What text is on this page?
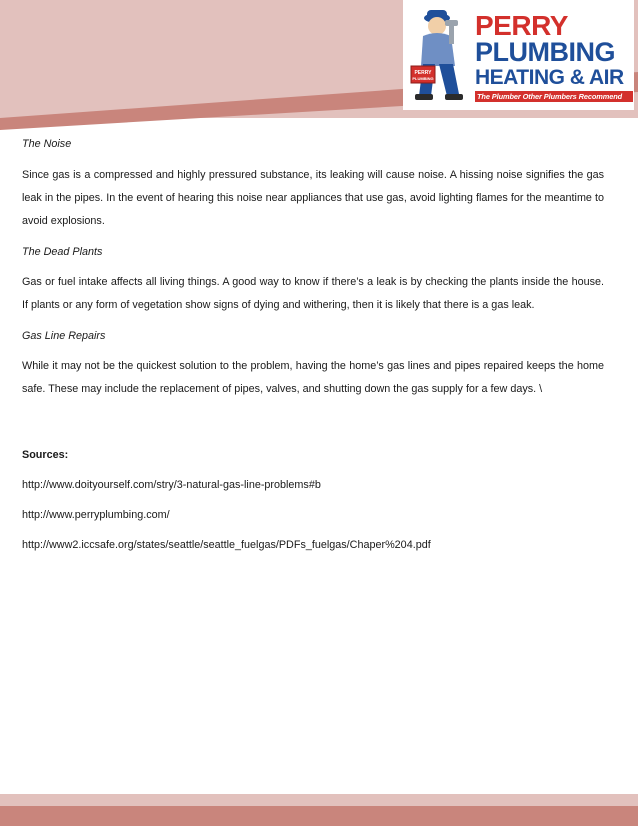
PERRY
PLUMBING
PERRY
PLUMBING
HEATING & AIR
The Plumber Other Plumbers Recommend

The Noise

Since gas is a compressed and highly pressured substance, its leaking will cause noise. A hissing noise signifies the gas leak in the pipes. In the event of hearing this noise near appliances that use gas, avoid lighting flames for the meantime to avoid explosions.

The Dead Plants

Gas or fuel intake affects all living things. A good way to know if there’s a leak is by checking the plants inside the house. If plants or any form of vegetation show signs of dying and withering, then it is likely that there is a gas leak.

Gas Line Repairs

While it may not be the quickest solution to the problem, having the home’s gas lines and pipes repaired keeps the home safe. These may include the replacement of pipes, valves, and shutting down the gas supply for a few days. \

Sources:

http://www.doityourself.com/stry/3-natural-gas-line-problems#b

http://www.perryplumbing.com/

http://www2.iccsafe.org/states/seattle/seattle_fuelgas/PDFs_fuelgas/Chaper%204.pdf
